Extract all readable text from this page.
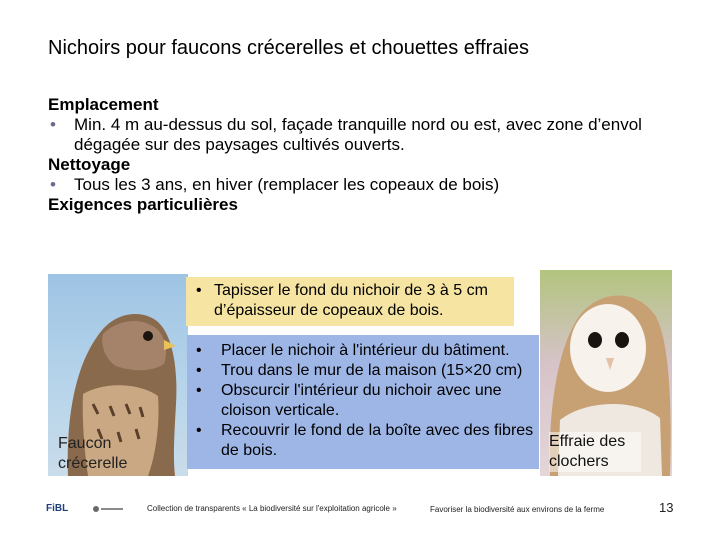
Nichoirs pour faucons crécerelles et chouettes effraies

Emplacement

• Min. 4 m au-dessus du sol, façade tranquille nord ou est, avec zone d’envol dégagée sur des paysages cultivés ouverts.

Nettoyage

• Tous les 3 ans, en hiver (remplacer les copeaux de bois)

Exigences particulières

Faucon crécerelle
Effraie des clochers

• Tapisser le fond du nichoir de 3 à 5 cm d’épaisseur de copeaux de bois.

• Placer le nichoir à l'intérieur du bâtiment.

• Trou dans le mur de la maison (15×20 cm)

• Obscurcir l'intérieur du nichoir avec une cloison verticale.

• Recouvrir le fond de la boîte avec des fibres de bois.

FiBL	Collection de transparents « La biodiversité sur l'exploitation agricole »	Favoriser la biodiversité aux environs de la ferme	13
